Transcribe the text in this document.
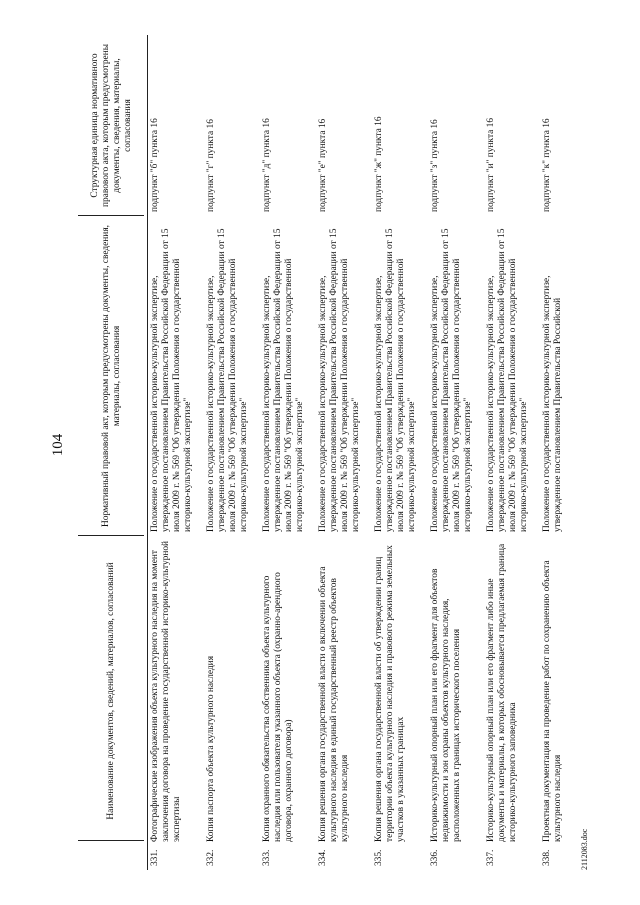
104
	Наименование документов, сведений, материалов, согласований	Нормативный правовой акт, которым предусмотрены документы, сведения, материалы, согласования	Структурная единица нормативного правового акта, которым предусмотрены документы, сведения, материалы, согласования
331.	Фотографические изображения объекта культурного наследия на момент заключения договора на проведение государственной историко-культурной экспертизы	Положение о государственной историко-культурной экспертизе, утвержденное постановлением Правительства Российской Федерации от 15 июля 2009 г. № 569 "Об утверждении Положения о государственной историко-культурной экспертизе"	подпункт "б" пункта 16
332.	Копия паспорта объекта культурного наследия	Положение о государственной историко-культурной экспертизе, утвержденное постановлением Правительства Российской Федерации от 15 июля 2009 г. № 569 "Об утверждении Положения о государственной историко-культурной экспертизе"	подпункт "г" пункта 16
333.	Копия охранного обязательства собственника объекта культурного наследия или пользователя указанного объекта (охранно-арендного договора, охранного договора)	Положение о государственной историко-культурной экспертизе, утвержденное постановлением Правительства Российской Федерации от 15 июля 2009 г. № 569 "Об утверждении Положения о государственной историко-культурной экспертизе"	подпункт "д" пункта 16
334.	Копия решения органа государственной власти о включении объекта культурного наследия в единый государственный реестр объектов культурного наследия	Положение о государственной историко-культурной экспертизе, утвержденное постановлением Правительства Российской Федерации от 15 июля 2009 г. № 569 "Об утверждении Положения о государственной историко-культурной экспертизе"	подпункт "е" пункта 16
335.	Копия решения органа государственной власти об утверждении границ территории объекта культурного наследия и правового режима земельных участков в указанных границах	Положение о государственной историко-культурной экспертизе, утвержденное постановлением Правительства Российской Федерации от 15 июля 2009 г. № 569 "Об утверждении Положения о государственной историко-культурной экспертизе"	подпункт "ж" пункта 16
336.	Историко-культурный опорный план или его фрагмент для объектов недвижимости и зон охраны объектов культурного наследия, расположенных в границах исторического поселения	Положение о государственной историко-культурной экспертизе, утвержденное постановлением Правительства Российской Федерации от 15 июля 2009 г. № 569 "Об утверждении Положения о государственной историко-культурной экспертизе"	подпункт "з" пункта 16
337.	Историко-культурный опорный план или его фрагмент либо иные документы и материалы, в которых обосновывается предлагаемая граница историко-культурного заповедника	Положение о государственной историко-культурной экспертизе, утвержденное постановлением Правительства Российской Федерации от 15 июля 2009 г. № 569 "Об утверждении Положения о государственной историко-культурной экспертизе"	подпункт "и" пункта 16
338.	Проектная документация на проведение работ по сохранению объекта культурного наследия	Положение о государственной историко-культурной экспертизе, утвержденное постановлением Правительства Российской	подпункт "к" пункта 16
2112083.doc
